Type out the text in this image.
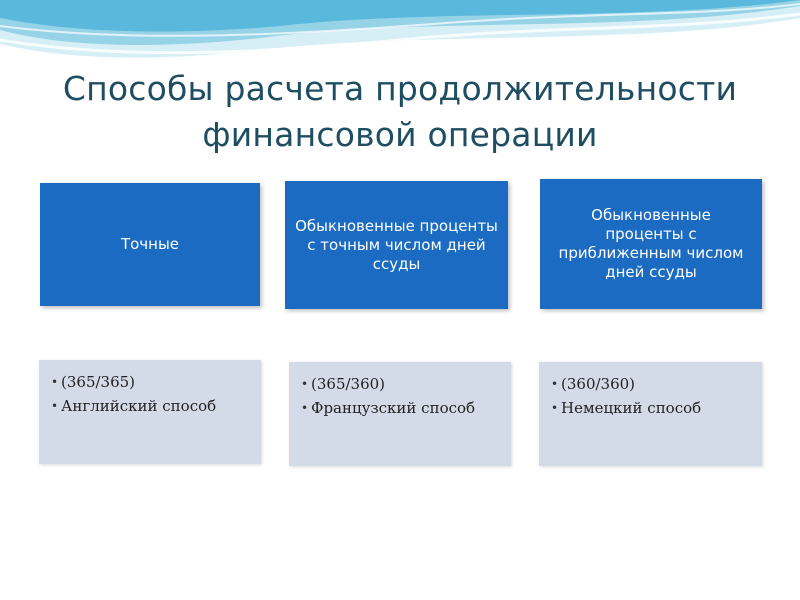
Способы расчета продолжительности финансовой операции
Точные
Обыкновенные проценты с точным числом дней ссуды
Обыкновенные проценты с приближенным числом дней ссуды
• (365/365)
• Английский способ
• (365/360)
• Французский способ
• (360/360)
• Немецкий способ
